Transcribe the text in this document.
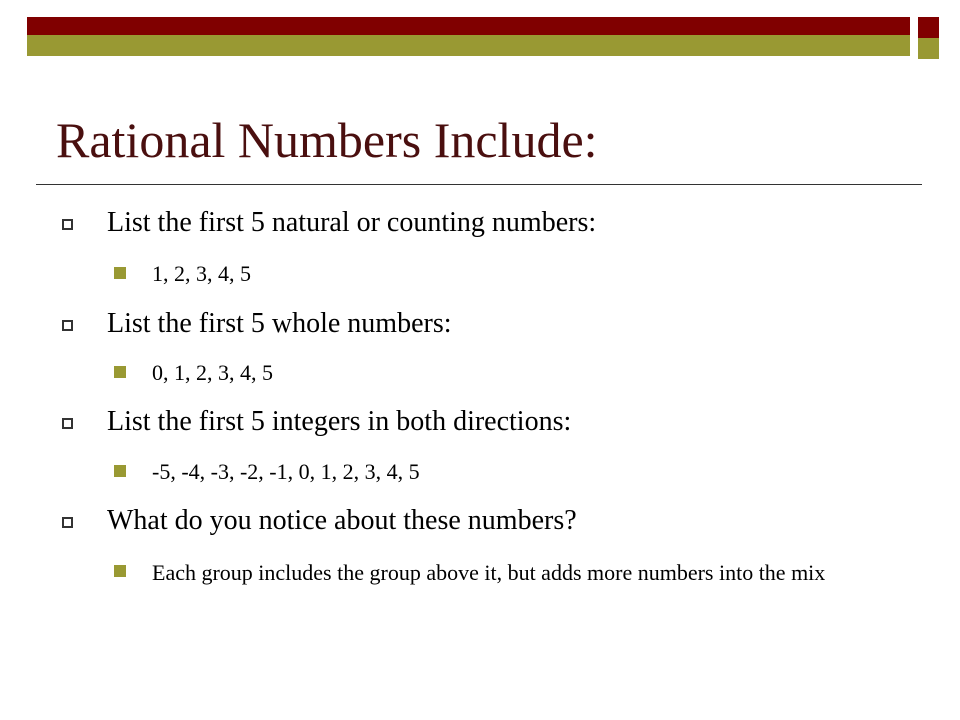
Rational Numbers Include:
List the first 5 natural or counting numbers:
1, 2, 3, 4, 5
List the first 5 whole numbers:
0, 1, 2, 3, 4, 5
List the first 5 integers in both directions:
-5, -4, -3, -2, -1, 0, 1, 2, 3, 4, 5
What do you notice about these numbers?
Each group includes the group above it, but adds more numbers into the mix
